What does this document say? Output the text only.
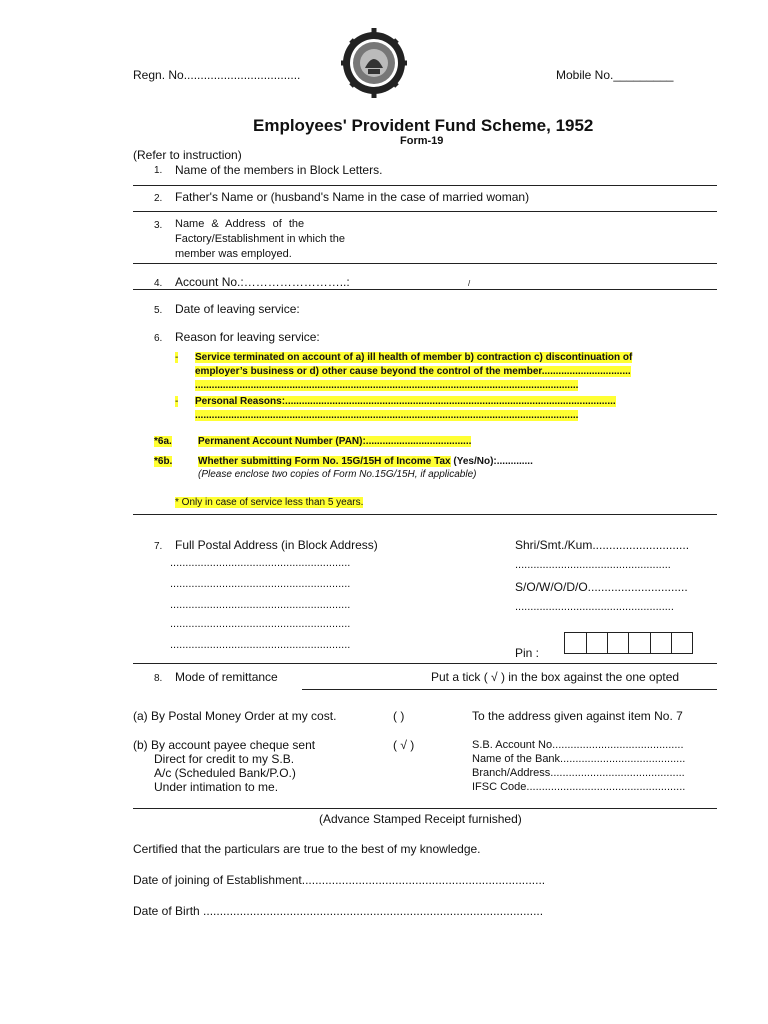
Regn. No...................................	Mobile No._________
Employees' Provident Fund Scheme, 1952
Form-19
(Refer to instruction)
1. Name of the members in Block Letters.
2. Father's Name or (husband's Name in the case of married woman)
3. Name & Address of the
Factory/Establishment in which the
member was employed.
4. Account No.:……………………..:	/
5. Date of leaving service:
6. Reason for leaving service:
- Service terminated on account of a) ill health of member b) contraction c) discontinuation of
employer’s business or d) other cause beyond the control of the member................................
..........................................................................................................................................
- Personal Reasons:.......................................................................................................................
..........................................................................................................................................
*6a.	Permanent Account Number (PAN):......................................
*6b.	Whether submitting Form No. 15G/15H of Income Tax (Yes/No):.............
(Please enclose two copies of Form No.15G/15H, if applicable)
* Only in case of service less than 5 years.
7. Full Postal Address (in Block Address)
...........................................................
...........................................................
...........................................................
...........................................................
...........................................................
Shri/Smt./Kum.............................
...................................................
S/O/W/O/D/O..............................
....................................................
Pin :
8. Mode of remittance	Put a tick ( √ ) in the box against the one opted
(a) By Postal Money Order at my cost.	( )	To the address given against item No. 7
(b) By account payee cheque sent
Direct for credit to my S.B.
A/c (Scheduled Bank/P.O.)
Under intimation to me.
( √ )	S.B. Account No...........................................
Name of the Bank.........................................
Branch/Address............................................
IFSC Code....................................................
(Advance Stamped Receipt furnished)
Certified that the particulars are true to the best of my knowledge.
Date of joining of Establishment.........................................................................
Date of Birth ......................................................................................................
